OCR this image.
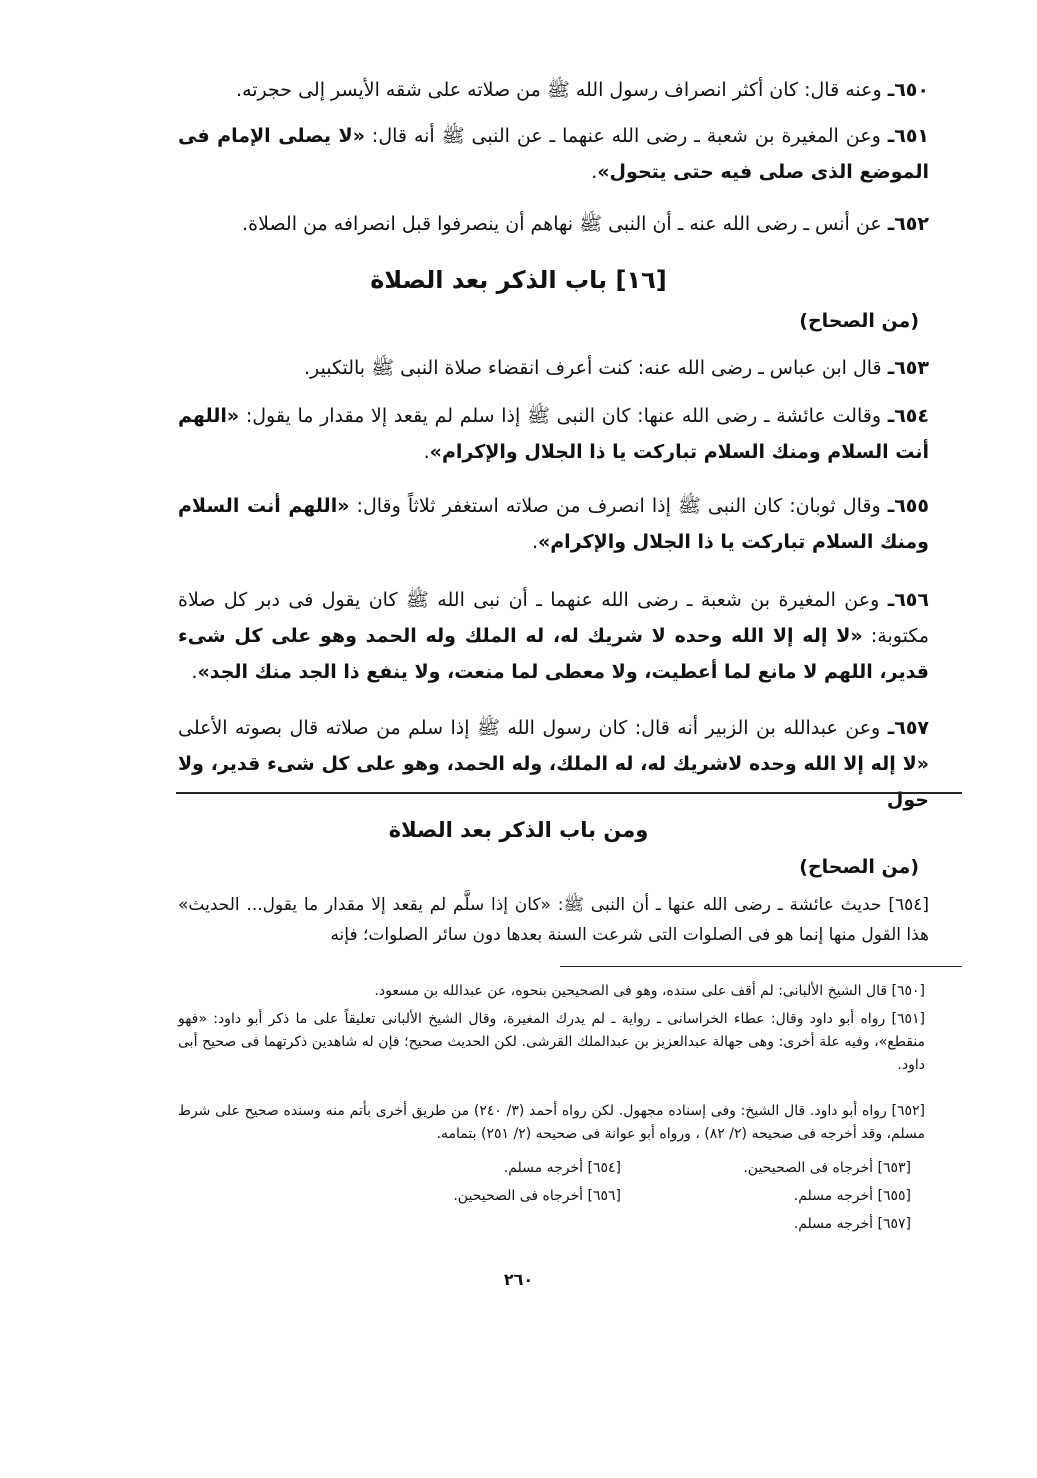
٦٥٠ـ وعنه قال: كان أكثر انصراف رسول الله ﷺ من صلاته على شقه الأيسر إلى حجرته.
٦٥١ـ وعن المغيرة بن شعبة ـ رضى الله عنهما ـ عن النبى ﷺ أنه قال: «لا يصلى الإمام فى الموضع الذى صلى فيه حتى يتحول».
٦٥٢ـ عن أنس ـ رضى الله عنه ـ أن النبى ﷺ نهاهم أن ينصرفوا قبل انصرافه من الصلاة.
[١٦] باب الذكر بعد الصلاة
(من الصحاح)
٦٥٣ـ قال ابن عباس ـ رضى الله عنه: كنت أعرف انقضاء صلاة النبى ﷺ بالتكبير.
٦٥٤ـ وقالت عائشة ـ رضى الله عنها: كان النبى ﷺ إذا سلم لم يقعد إلا مقدار ما يقول: «اللهم أنت السلام ومنك السلام تباركت يا ذا الجلال والإكرام».
٦٥٥ـ وقال ثوبان: كان النبى ﷺ إذا انصرف من صلاته استغفر ثلاثاً وقال: «اللهم أنت السلام ومنك السلام تباركت يا ذا الجلال والإكرام».
٦٥٦ـ وعن المغيرة بن شعبة ـ رضى الله عنهما ـ أن نبى الله ﷺ كان يقول فى دبر كل صلاة مكتوبة: «لا إله إلا الله وحده لا شريك له، له الملك وله الحمد وهو على كل شىء قدير، اللهم لا مانع لما أعطيت، ولا معطى لما منعت، ولا ينفع ذا الجد منك الجد».
٦٥٧ـ وعن عبدالله بن الزبير أنه قال: كان رسول الله ﷺ إذا سلم من صلاته قال بصوته الأعلى «لا إله إلا الله وحده لاشريك له، له الملك، وله الحمد، وهو على كل شىء قدير، ولا حول
ومن باب الذكر بعد الصلاة
(من الصحاح)
[٦٥٤] حديث عائشة ـ رضى الله عنها ـ أن النبى ﷺ: «كان إذا سلَّم لم يقعد إلا مقدار ما يقول... الحديث» هذا القول منها إنما هو فى الصلوات التى شرعت السنة بعدها دون سائر الصلوات؛ فإنه
[٦٥٠] قال الشيخ الألبانى: لم أقف على سنده، وهو فى الصحيحين بنحوه، عن عبدالله بن مسعود.
[٦٥١] رواه أبو داود وقال: عطاء الخراسانى ـ رواية ـ لم يدرك المغيرة، وقال الشيخ الألبانى تعليقاً على ما ذكر أبو داود: «فهو منقطع»، وفيه علة أخرى: وهى جهالة عبدالعزيز بن عبدالملك القرشى. لكن الحديث صحيح؛ فإن له شاهدين ذكرتهما فى صحيح أبى داود.
[٦٥٢] رواه أبو داود. قال الشيخ: وفى إسناده مجهول. لكن رواه أحمد (٣/ ٢٤٠) من طريق أخرى بأتم منه وسنده صحيح على شرط مسلم، وقد أخرجه فى صحيحه (٢/ ٨٢) ، ورواه أبو عوانة فى صحيحه (٢/ ٢٥١) بتمامه.
[٦٥٣] أخرجاه فى الصحيحين.
[٦٥٤] أخرجه مسلم.
[٦٥٥] أخرجه مسلم.
[٦٥٦] أخرجاه فى الصحيحين.
[٦٥٧] أخرجه مسلم.
٢٦٠
